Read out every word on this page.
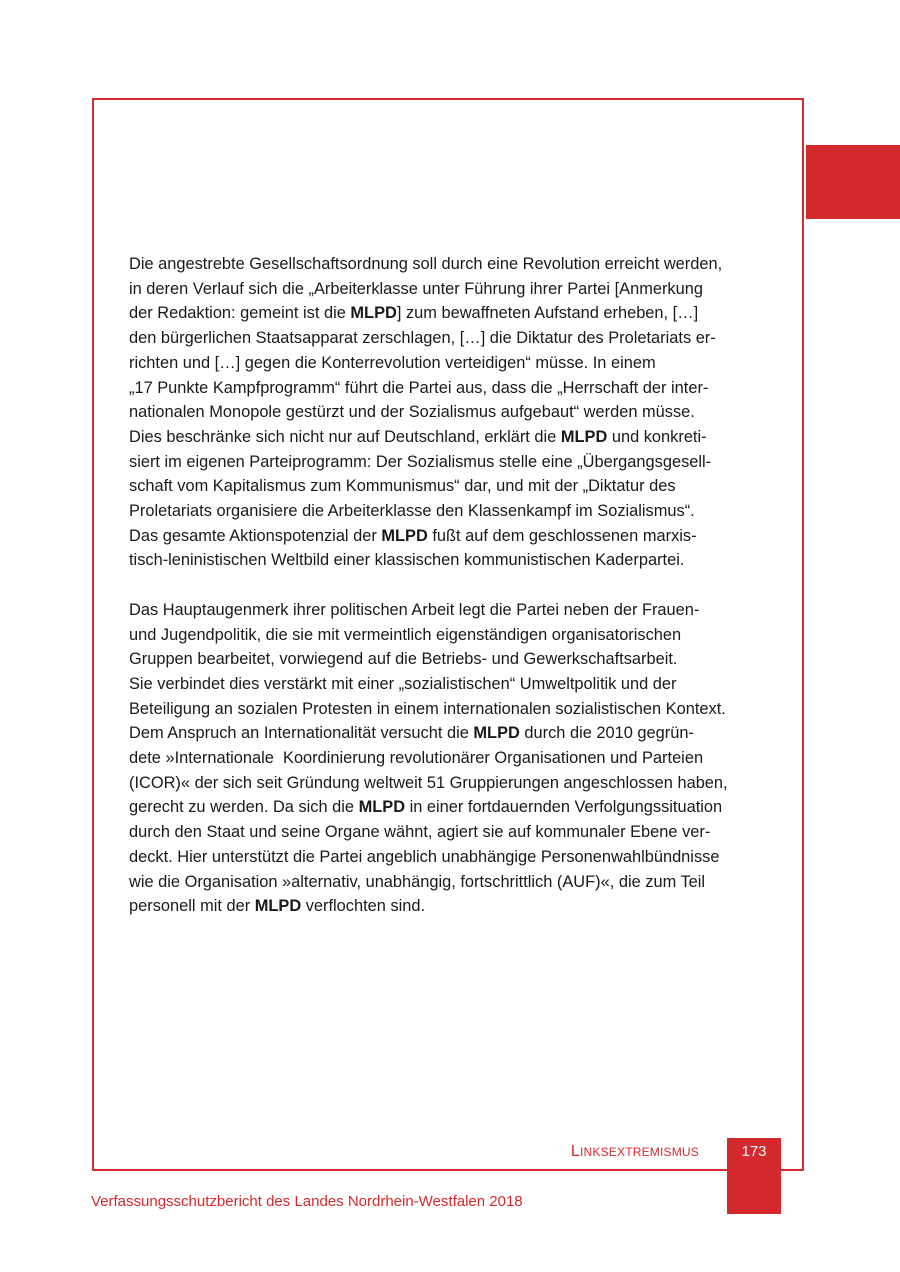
Die angestrebte Gesellschaftsordnung soll durch eine Revolution erreicht werden,
in deren Verlauf sich die „Arbeiterklasse unter Führung ihrer Partei [Anmerkung
der Redaktion: gemeint ist die MLPD] zum bewaffneten Aufstand erheben, […]
den bürgerlichen Staatsapparat zerschlagen, […] die Diktatur des Proletariats er-
richten und […] gegen die Konterrevolution verteidigen“ müsse. In einem
„17 Punkte Kampfprogramm“ führt die Partei aus, dass die „Herrschaft der inter-
nationalen Monopole gestürzt und der Sozialismus aufgebaut“ werden müsse.
Dies beschränke sich nicht nur auf Deutschland, erklärt die MLPD und konkreti-
siert im eigenen Parteiprogramm: Der Sozialismus stelle eine „Übergangsgesell-
schaft vom Kapitalismus zum Kommunismus“ dar, und mit der „Diktatur des
Proletariats organisiere die Arbeiterklasse den Klassenkampf im Sozialismus“.
Das gesamte Aktionspotenzial der MLPD fußt auf dem geschlossenen marxis-
tisch-leninistischen Weltbild einer klassischen kommunistischen Kaderpartei.
Das Hauptaugenmerk ihrer politischen Arbeit legt die Partei neben der Frauen-
und Jugendpolitik, die sie mit vermeintlich eigenständigen organisatorischen
Gruppen bearbeitet, vorwiegend auf die Betriebs- und Gewerkschaftsarbeit.
Sie verbindet dies verstärkt mit einer „sozialistischen“ Umweltpolitik und der
Beteiligung an sozialen Protesten in einem internationalen sozialistischen Kontext.
Dem Anspruch an Internationalität versucht die MLPD durch die 2010 gegrün-
dete »Internationale  Koordinierung revolutionärer Organisationen und Parteien
(ICOR)« der sich seit Gründung weltweit 51 Gruppierungen angeschlossen haben,
gerecht zu werden. Da sich die MLPD in einer fortdauernden Verfolgungssituation
durch den Staat und seine Organe wähnt, agiert sie auf kommunaler Ebene ver-
deckt. Hier unterstützt die Partei angeblich unabhängige Personenwahlbündnisse
wie die Organisation »alternativ, unabhängig, fortschrittlich (AUF)«, die zum Teil
personell mit der MLPD verflochten sind.
LINKSEXTREMISMUS	173
Verfassungsschutzbericht des Landes Nordrhein-Westfalen 2018
